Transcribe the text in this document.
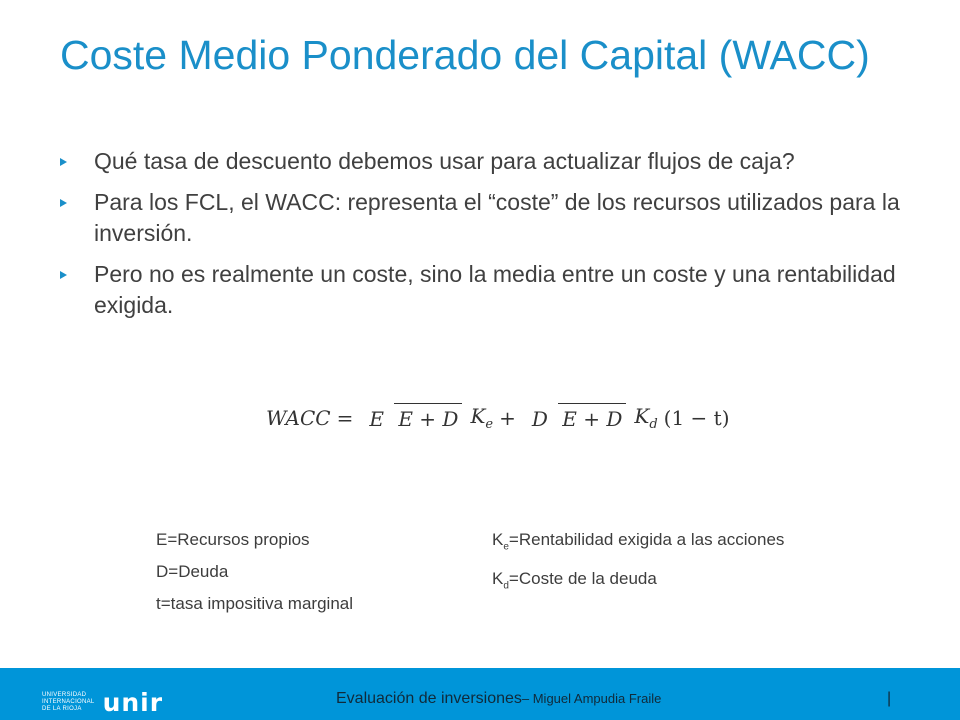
Coste Medio Ponderado del Capital (WACC)
Qué tasa de descuento debemos usar para actualizar flujos de caja?
Para los FCL, el WACC: representa el “coste” de los recursos utilizados para la inversión.
Pero no es realmente un coste, sino la media entre un coste y una rentabilidad exigida.
WACC = E E + D $K_e + D$ E + D $K_d$ (1 − t)
E=Recursos propios
D=Deuda
t=tasa impositiva marginal
$K_e=Rentabilidad$ exigida a las acciones
$K_d=Coste$ de la deuda
UNIVERSIDAD
INTERNACIONAL
DE LA RIOJA unir	Evaluación de inversiones– Miguel Ampudia Fraile	|
